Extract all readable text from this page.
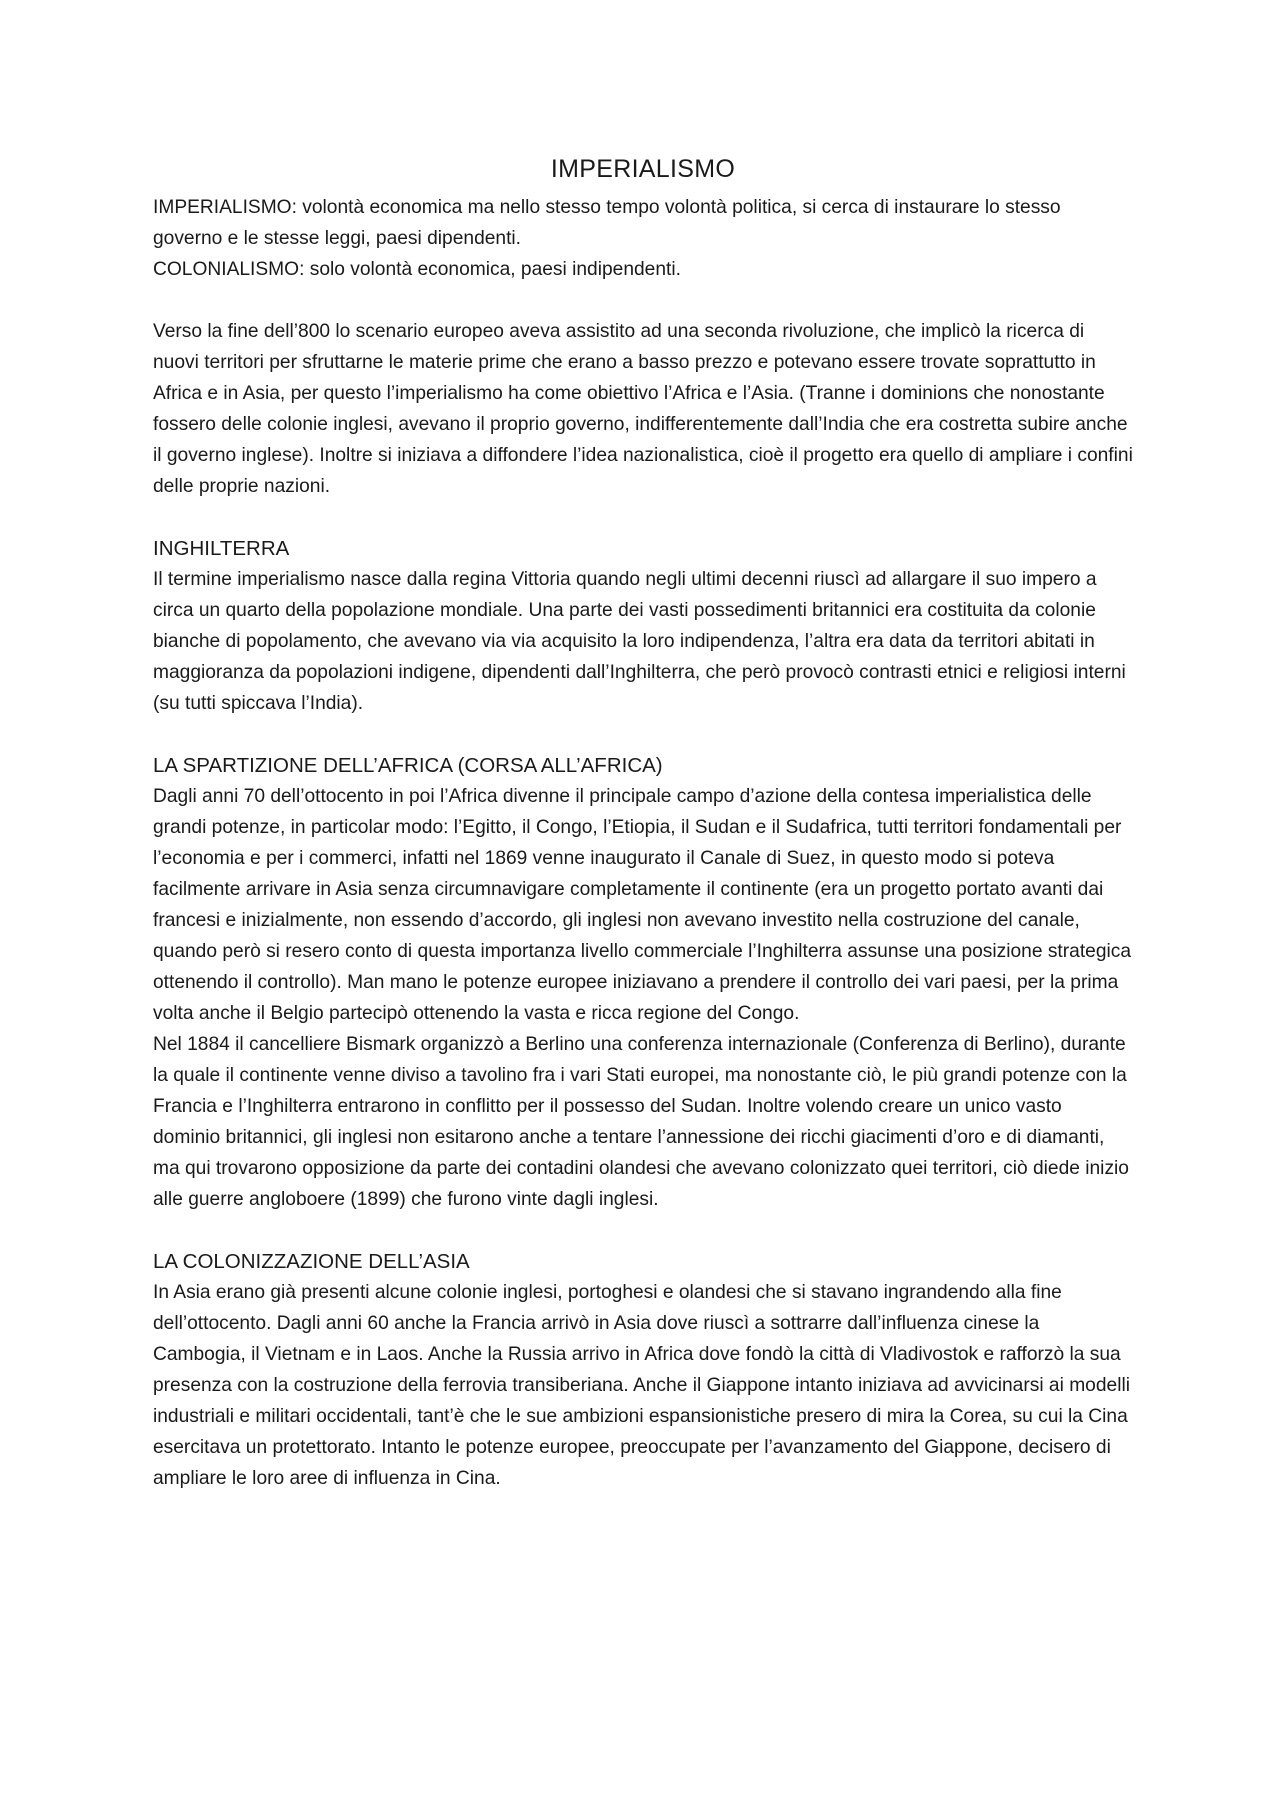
IMPERIALISMO

IMPERIALISMO: volontà economica ma nello stesso tempo volontà politica, si cerca di instaurare lo stesso governo e le stesse leggi, paesi dipendenti.

COLONIALISMO: solo volontà economica, paesi indipendenti.

Verso la fine dell’800 lo scenario europeo aveva assistito ad una seconda rivoluzione, che implicò la ricerca di nuovi territori per sfruttarne le materie prime che erano a basso prezzo e potevano essere trovate soprattutto in Africa e in Asia, per questo l’imperialismo ha come obiettivo l’Africa e l’Asia. (Tranne i dominions che nonostante fossero delle colonie inglesi, avevano il proprio governo, indifferentemente dall’India che era costretta subire anche il governo inglese). Inoltre si iniziava a diffondere l’idea nazionalistica, cioè il progetto era quello di ampliare i confini delle proprie nazioni.

INGHILTERRA

Il termine imperialismo nasce dalla regina Vittoria quando negli ultimi decenni riuscì ad allargare il suo impero a circa un quarto della popolazione mondiale. Una parte dei vasti possedimenti britannici era costituita da colonie bianche di popolamento, che avevano via via acquisito la loro indipendenza, l’altra era data da territori abitati in maggioranza da popolazioni indigene, dipendenti dall’Inghilterra, che però provocò contrasti etnici e religiosi interni (su tutti spiccava l’India).

LA SPARTIZIONE DELL’AFRICA (CORSA ALL’AFRICA)

Dagli anni 70 dell’ottocento in poi l’Africa divenne il principale campo d’azione della contesa imperialistica delle grandi potenze, in particolar modo: l’Egitto, il Congo, l’Etiopia, il Sudan e il Sudafrica, tutti territori fondamentali per l’economia e per i commerci, infatti nel 1869 venne inaugurato il Canale di Suez, in questo modo si poteva facilmente arrivare in Asia senza circumnavigare completamente il continente (era un progetto portato avanti dai francesi e inizialmente, non essendo d’accordo, gli inglesi non avevano investito nella costruzione del canale, quando però si resero conto di questa importanza livello commerciale l’Inghilterra assunse una posizione strategica ottenendo il controllo). Man mano le potenze europee iniziavano a prendere il controllo dei vari paesi, per la prima volta anche il Belgio partecipò ottenendo la vasta e ricca regione del Congo.

Nel 1884 il cancelliere Bismark organizzò a Berlino una conferenza internazionale (Conferenza di Berlino), durante la quale il continente venne diviso a tavolino fra i vari Stati europei, ma nonostante ciò, le più grandi potenze con la Francia e l’Inghilterra entrarono in conflitto per il possesso del Sudan. Inoltre volendo creare un unico vasto dominio britannici, gli inglesi non esitarono anche a tentare l’annessione dei ricchi giacimenti d’oro e di diamanti, ma qui trovarono opposizione da parte dei contadini olandesi che avevano colonizzato quei territori, ciò diede inizio alle guerre angloboere (1899) che furono vinte dagli inglesi.

LA COLONIZZAZIONE DELL’ASIA

In Asia erano già presenti alcune colonie inglesi, portoghesi e olandesi che si stavano ingrandendo alla fine dell’ottocento. Dagli anni 60 anche la Francia arrivò in Asia dove riuscì a sottrarre dall’influenza cinese la Cambogia, il Vietnam e in Laos. Anche la Russia arrivo in Africa dove fondò la città di Vladivostok e rafforzò la sua presenza con la costruzione della ferrovia transiberiana. Anche il Giappone intanto iniziava ad avvicinarsi ai modelli industriali e militari occidentali, tant’è che le sue ambizioni espansionistiche presero di mira la Corea, su cui la Cina esercitava un protettorato. Intanto le potenze europee, preoccupate per l’avanzamento del Giappone, decisero di ampliare le loro aree di influenza in Cina.
